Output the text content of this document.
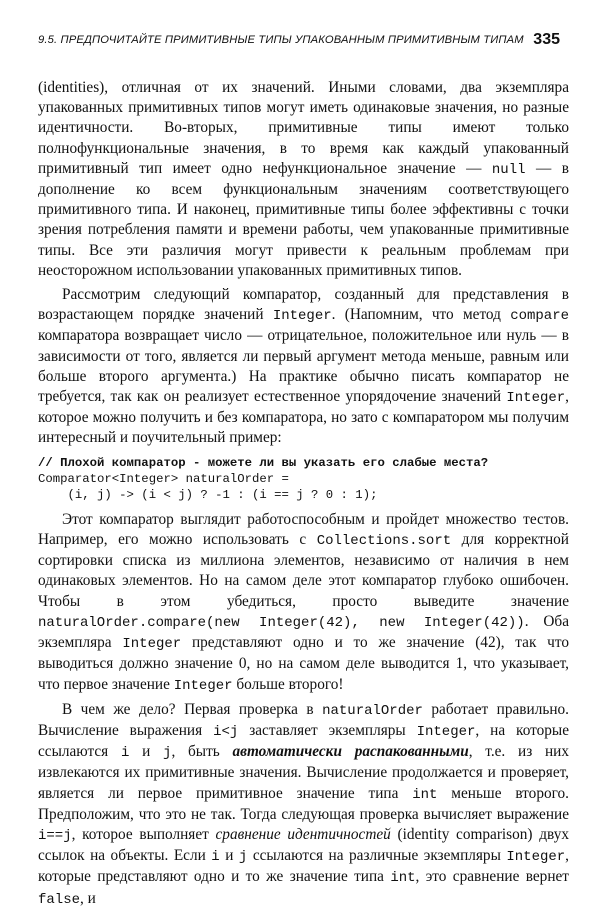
9.5. ПРЕДПОЧИТАЙТЕ ПРИМИТИВНЫЕ ТИПЫ УПАКОВАННЫМ ПРИМИТИВНЫМ ТИПАМ 335

(identities), отличная от их значений. Иными словами, два экземпляра упакованных примитивных типов могут иметь одинаковые значения, но разные идентичности. Во-вторых, примитивные типы имеют только полнофункциональные значения, в то время как каждый упакованный примитивный тип имеет одно нефункциональное значение — null — в дополнение ко всем функциональным значениям соответствующего примитивного типа. И наконец, примитивные типы более эффективны с точки зрения потребления памяти и времени работы, чем упакованные примитивные типы. Все эти различия могут привести к реальным проблемам при неосторожном использовании упакованных примитивных типов.

Рассмотрим следующий компаратор, созданный для представления в возрастающем порядке значений Integer. (Напомним, что метод compare компаратора возвращает число — отрицательное, положительное или нуль — в зависимости от того, является ли первый аргумент метода меньше, равным или больше второго аргумента.) На практике обычно писать компаратор не требуется, так как он реализует естественное упорядочение значений Integer, которое можно получить и без компаратора, но зато с компаратором мы получим интересный и поучительный пример:

// Плохой компаратор - можете ли вы указать его слабые места?
Comparator<Integer> naturalOrder =
(i, j) -> (i < j) ? -1 : (i == j ? 0 : 1);

Этот компаратор выглядит работоспособным и пройдет множество тестов. Например, его можно использовать с Collections.sort для корректной сортировки списка из миллиона элементов, независимо от наличия в нем одинаковых элементов. Но на самом деле этот компаратор глубоко ошибочен. Чтобы в этом убедиться, просто выведите значение naturalOrder.compare(new Integer(42), new Integer(42)). Оба экземпляра Integer представляют одно и то же значение (42), так что выводиться должно значение 0, но на самом деле выводится 1, что указывает, что первое значение Integer больше второго!

В чем же дело? Первая проверка в naturalOrder работает правильно. Вычисление выражения i<j заставляет экземпляры Integer, на которые ссылаются i и j, быть автоматически распакованными, т.е. из них извлекаются их примитивные значения. Вычисление продолжается и проверяет, является ли первое примитивное значение типа int меньше второго. Предположим, что это не так. Тогда следующая проверка вычисляет выражение i==j, которое выполняет сравнение идентичностей (identity comparison) двух ссылок на объекты. Если i и j ссылаются на различные экземпляры Integer, которые представляют одно и то же значение типа int, это сравнение вернет false, и
